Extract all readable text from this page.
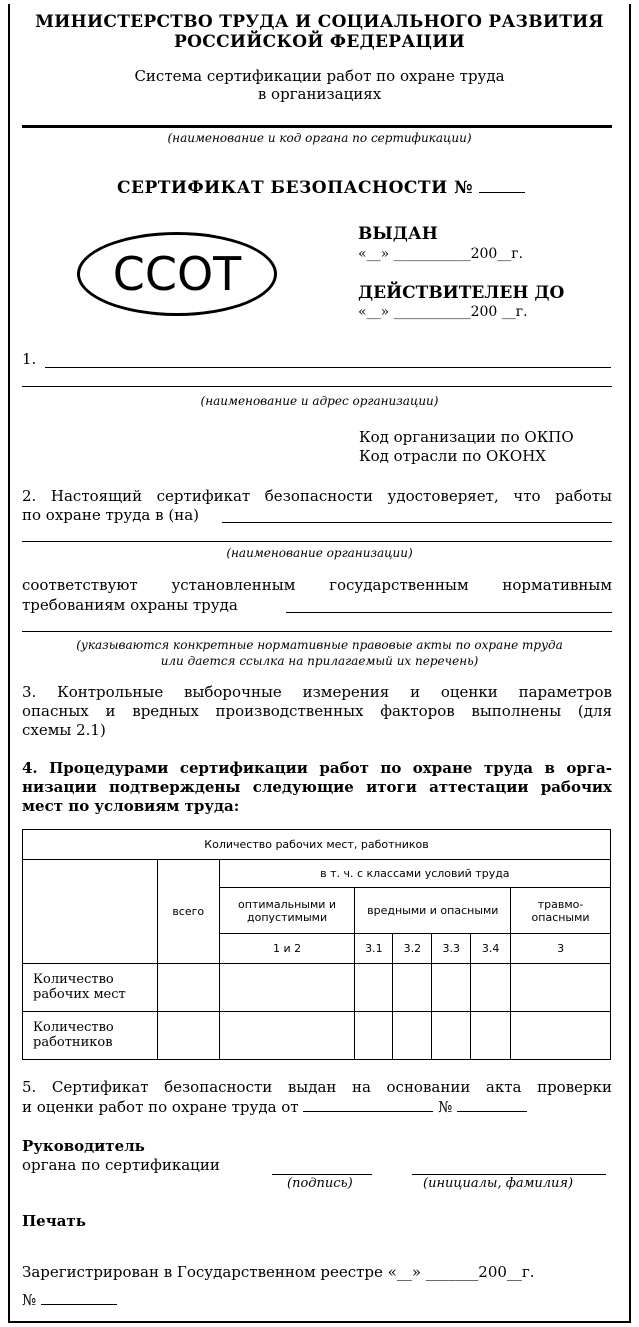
МИНИСТЕРСТВО ТРУДА И СОЦИАЛЬНОГО РАЗВИТИЯ
РОССИЙСКОЙ ФЕДЕРАЦИИ
Система сертификации работ по охране труда
в организациях
(наименование и код органа по сертификации)
СЕРТИФИКАТ БЕЗОПАСНОСТИ №
ССОТ
ВЫДАН
«__» ___________200__г.
ДЕЙСТВИТЕЛЕН ДО
«__» ___________200 __г.
1.
(наименование и адрес организации)
Код организации по ОКПО
Код отрасли по ОКОНХ
2. Настоящий сертификат безопасности удостоверяет, что работы
по охране труда в (на)
(наименование организации)
соответствуют установленным государственным нормативным
требованиям охраны труда
(указываются конкретные нормативные правовые акты по охране труда
или дается ссылка на прилагаемый их перечень)
3. Контрольные выборочные измерения и оценки параметров
опасных и вредных производственных факторов выполнены (для
схемы 2.1)
4. Процедурами сертификации работ по охране труда в орга-
низации подтверждены следующие итоги аттестации рабочих
мест по условиям труда:
Количество рабочих мест, работников							
	всего	в т. ч. с классами условий труда					
		оптимальными и допустимыми	вредными и опасными				травмо-опасными
		1 и 2	3.1	3.2	3.3	3.4	3
Количество рабочих мест							
Количество работников							
5. Сертификат безопасности выдан на основании акта проверки
и оценки работ по охране труда от	№
Руководитель
органа по сертификации
(подпись)	(инициалы, фамилия)
Печать
Зарегистрирован в Государственном реестре «__» _______200__г.
№
